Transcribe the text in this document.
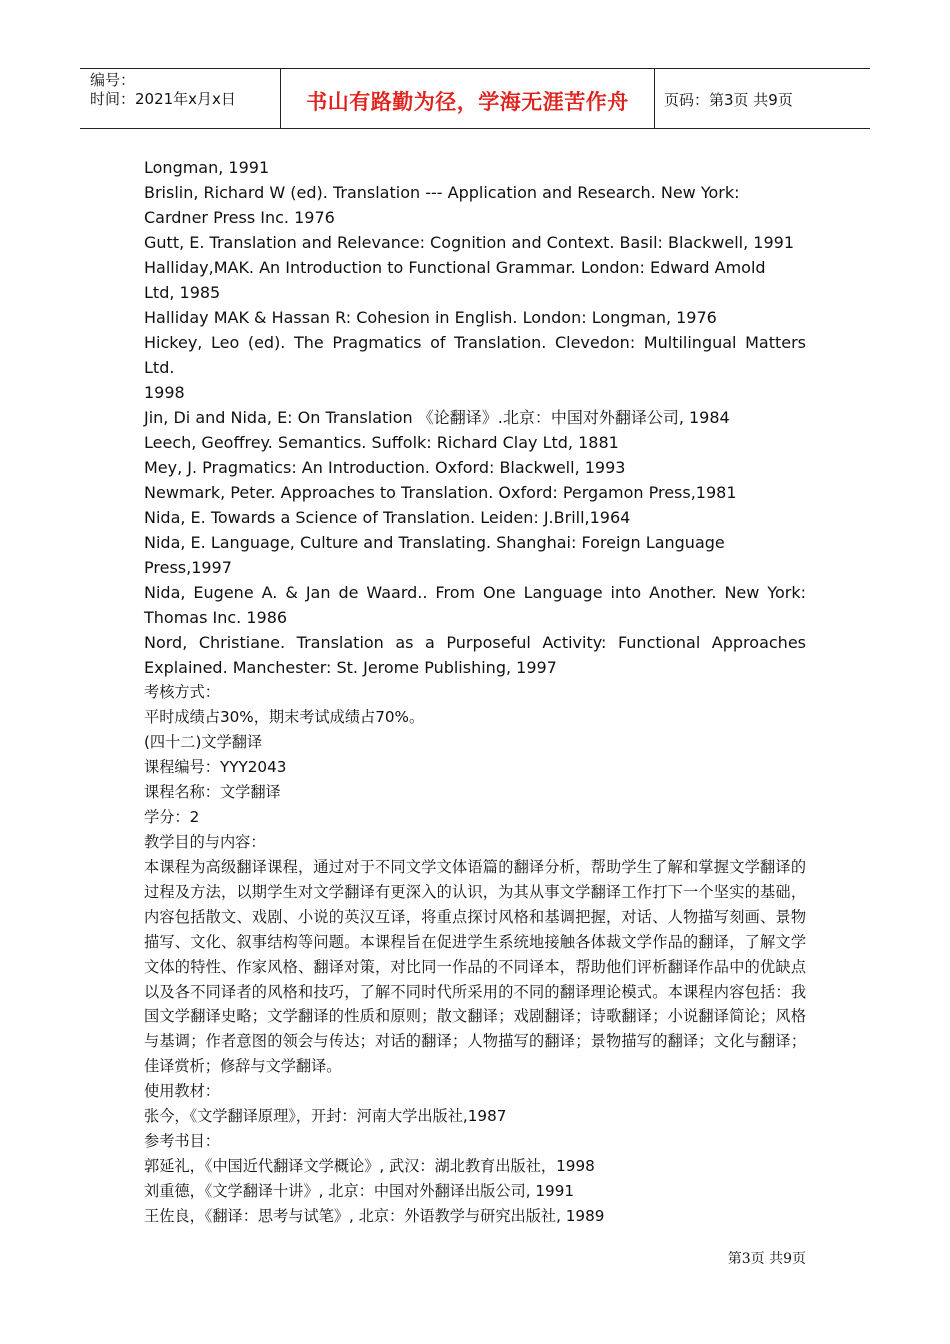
编号：
时间：2021年x月x日	书山有路勤为径，学海无涯苦作舟	页码：第3页 共9页
Longman, 1991
Brislin, Richard W (ed). Translation --- Application and Research. New York:
Cardner Press Inc. 1976
Gutt, E. Translation and Relevance: Cognition and Context. Basil: Blackwell, 1991
Halliday,MAK. An Introduction to Functional Grammar. London: Edward Amold
Ltd, 1985
Halliday MAK & Hassan R: Cohesion in English. London: Longman, 1976
Hickey, Leo (ed). The Pragmatics of Translation. Clevedon: Multilingual Matters
Ltd.
1998
Jin, Di and Nida, E: On Translation 《论翻译》.北京：中国对外翻译公司, 1984
Leech, Geoffrey. Semantics. Suffolk: Richard Clay Ltd, 1881
Mey, J. Pragmatics: An Introduction. Oxford: Blackwell, 1993
Newmark, Peter. Approaches to Translation. Oxford: Pergamon Press,1981
Nida, E. Towards a Science of Translation. Leiden: J.Brill,1964
Nida, E. Language, Culture and Translating. Shanghai: Foreign Language
Press,1997
Nida, Eugene A. & Jan de Waard.. From One Language into Another. New York:
Thomas Inc. 1986
Nord, Christiane. Translation as a Purposeful Activity: Functional Approaches
Explained. Manchester: St. Jerome Publishing, 1997
考核方式：
平时成绩占30%，期末考试成绩占70%。
(四十二)文学翻译
课程编号：YYY2043
课程名称：文学翻译
学分：2
教学目的与内容：
本课程为高级翻译课程，通过对于不同文学文体语篇的翻译分析，帮助学生了解和掌握文学翻译的过程及方法，以期学生对文学翻译有更深入的认识，为其从事文学翻译工作打下一个坚实的基础，内容包括散文、戏剧、小说的英汉互译，将重点探讨风格和基调把握，对话、人物描写刻画、景物描写、文化、叙事结构等问题。本课程旨在促进学生系统地接触各体裁文学作品的翻译，了解文学文体的特性、作家风格、翻译对策，对比同一作品的不同译本，帮助他们评析翻译作品中的优缺点以及各不同译者的风格和技巧，了解不同时代所采用的不同的翻译理论模式。本课程内容包括：我国文学翻译史略；文学翻译的性质和原则；散文翻译；戏剧翻译；诗歌翻译；小说翻译简论；风格与基调；作者意图的领会与传达；对话的翻译；人物描写的翻译；景物描写的翻译；文化与翻译；佳译赏析；修辞与文学翻译。
使用教材：
张今，《文学翻译原理》，开封：河南大学出版社,1987
参考书目：
郭延礼，《中国近代翻译文学概论》, 武汉：湖北教育出版社，1998
刘重德，《文学翻译十讲》, 北京：中国对外翻译出版公司, 1991
王佐良，《翻译：思考与试笔》, 北京：外语教学与研究出版社, 1989
第3页 共9页
